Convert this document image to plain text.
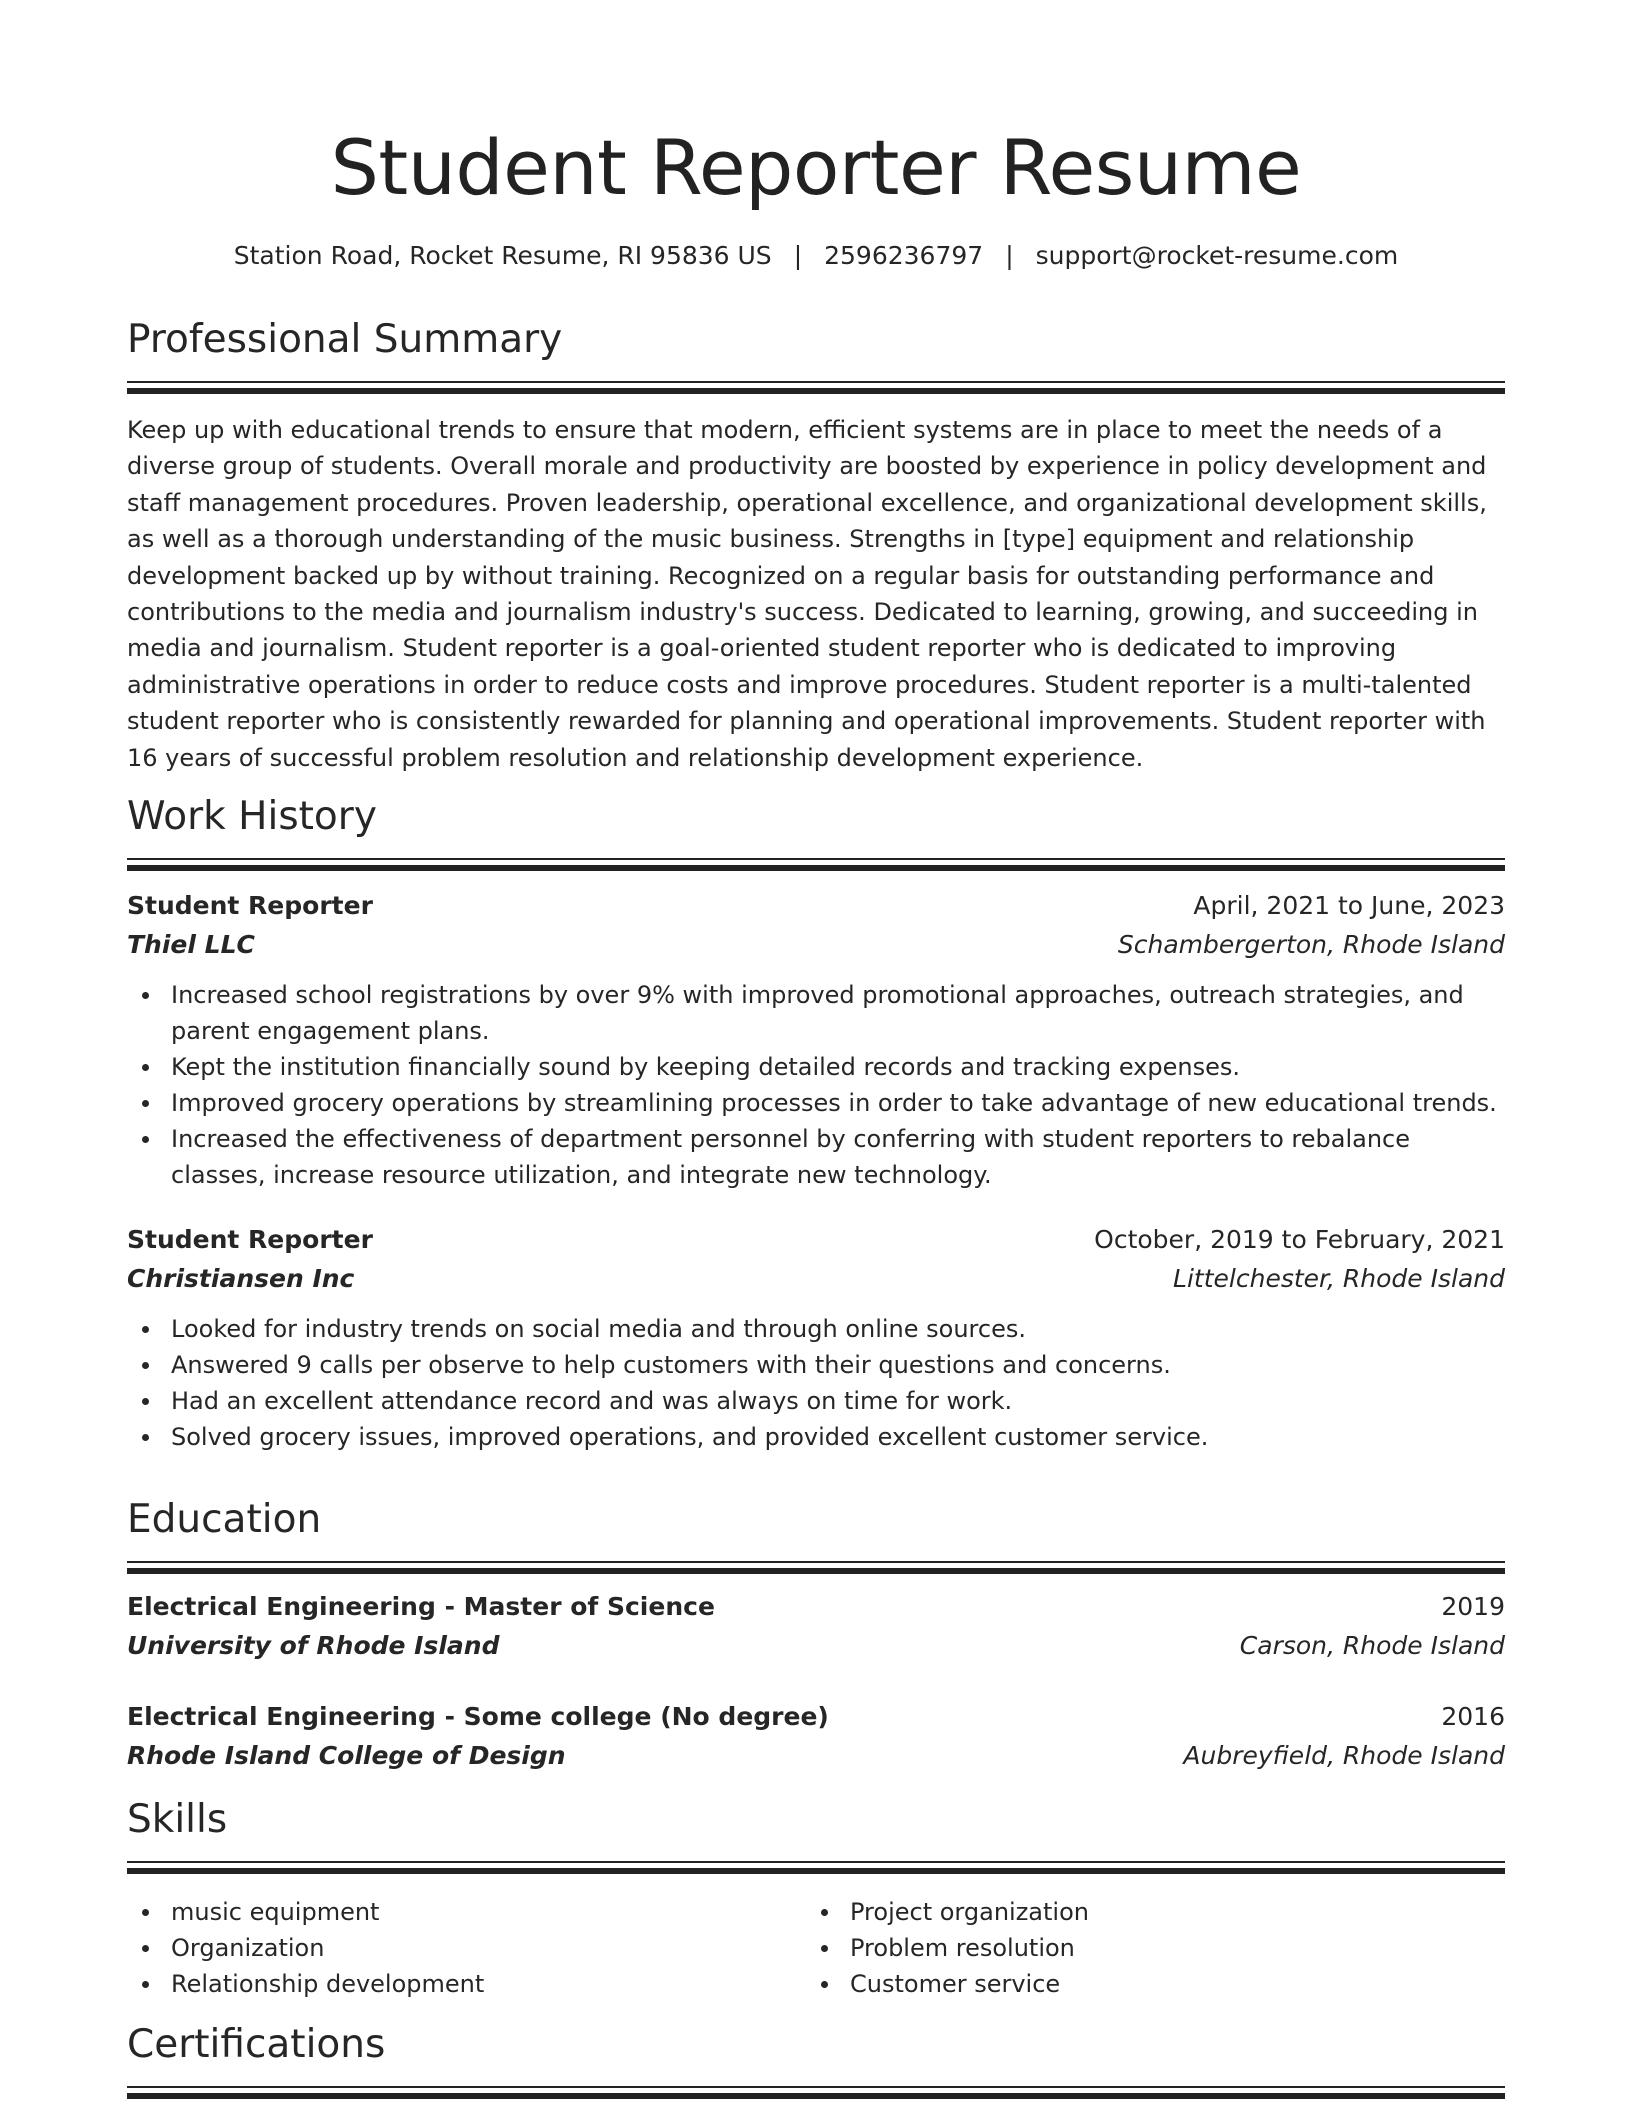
Student Reporter Resume
Station Road, Rocket Resume, RI 95836 US | 2596236797 | support@rocket-resume.com
Professional Summary

Keep up with educational trends to ensure that modern, efficient systems are in place to meet the needs of a diverse group of students. Overall morale and productivity are boosted by experience in policy development and staff management procedures. Proven leadership, operational excellence, and organizational development skills, as well as a thorough understanding of the music business. Strengths in [type] equipment and relationship development backed up by without training. Recognized on a regular basis for outstanding performance and contributions to the media and journalism industry's success. Dedicated to learning, growing, and succeeding in media and journalism. Student reporter is a goal-oriented student reporter who is dedicated to improving administrative operations in order to reduce costs and improve procedures. Student reporter is a multi-talented student reporter who is consistently rewarded for planning and operational improvements. Student reporter with 16 years of successful problem resolution and relationship development experience.

Work History
Student Reporter	April, 2021 to June, 2023
Thiel LLC	Schambergerton, Rhode Island
Increased school registrations by over 9% with improved promotional approaches, outreach strategies, and parent engagement plans.
Kept the institution financially sound by keeping detailed records and tracking expenses.
Improved grocery operations by streamlining processes in order to take advantage of new educational trends.
Increased the effectiveness of department personnel by conferring with student reporters to rebalance classes, increase resource utilization, and integrate new technology.
Student Reporter	October, 2019 to February, 2021
Christiansen Inc	Littelchester, Rhode Island
Looked for industry trends on social media and through online sources.
Answered 9 calls per observe to help customers with their questions and concerns.
Had an excellent attendance record and was always on time for work.
Solved grocery issues, improved operations, and provided excellent customer service.
Education
Electrical Engineering - Master of Science	2019
University of Rhode Island	Carson, Rhode Island
Electrical Engineering - Some college (No degree)	2016
Rhode Island College of Design	Aubreyfield, Rhode Island
Skills
music equipment
Organization
Relationship development
Project organization
Problem resolution
Customer service
Certifications
